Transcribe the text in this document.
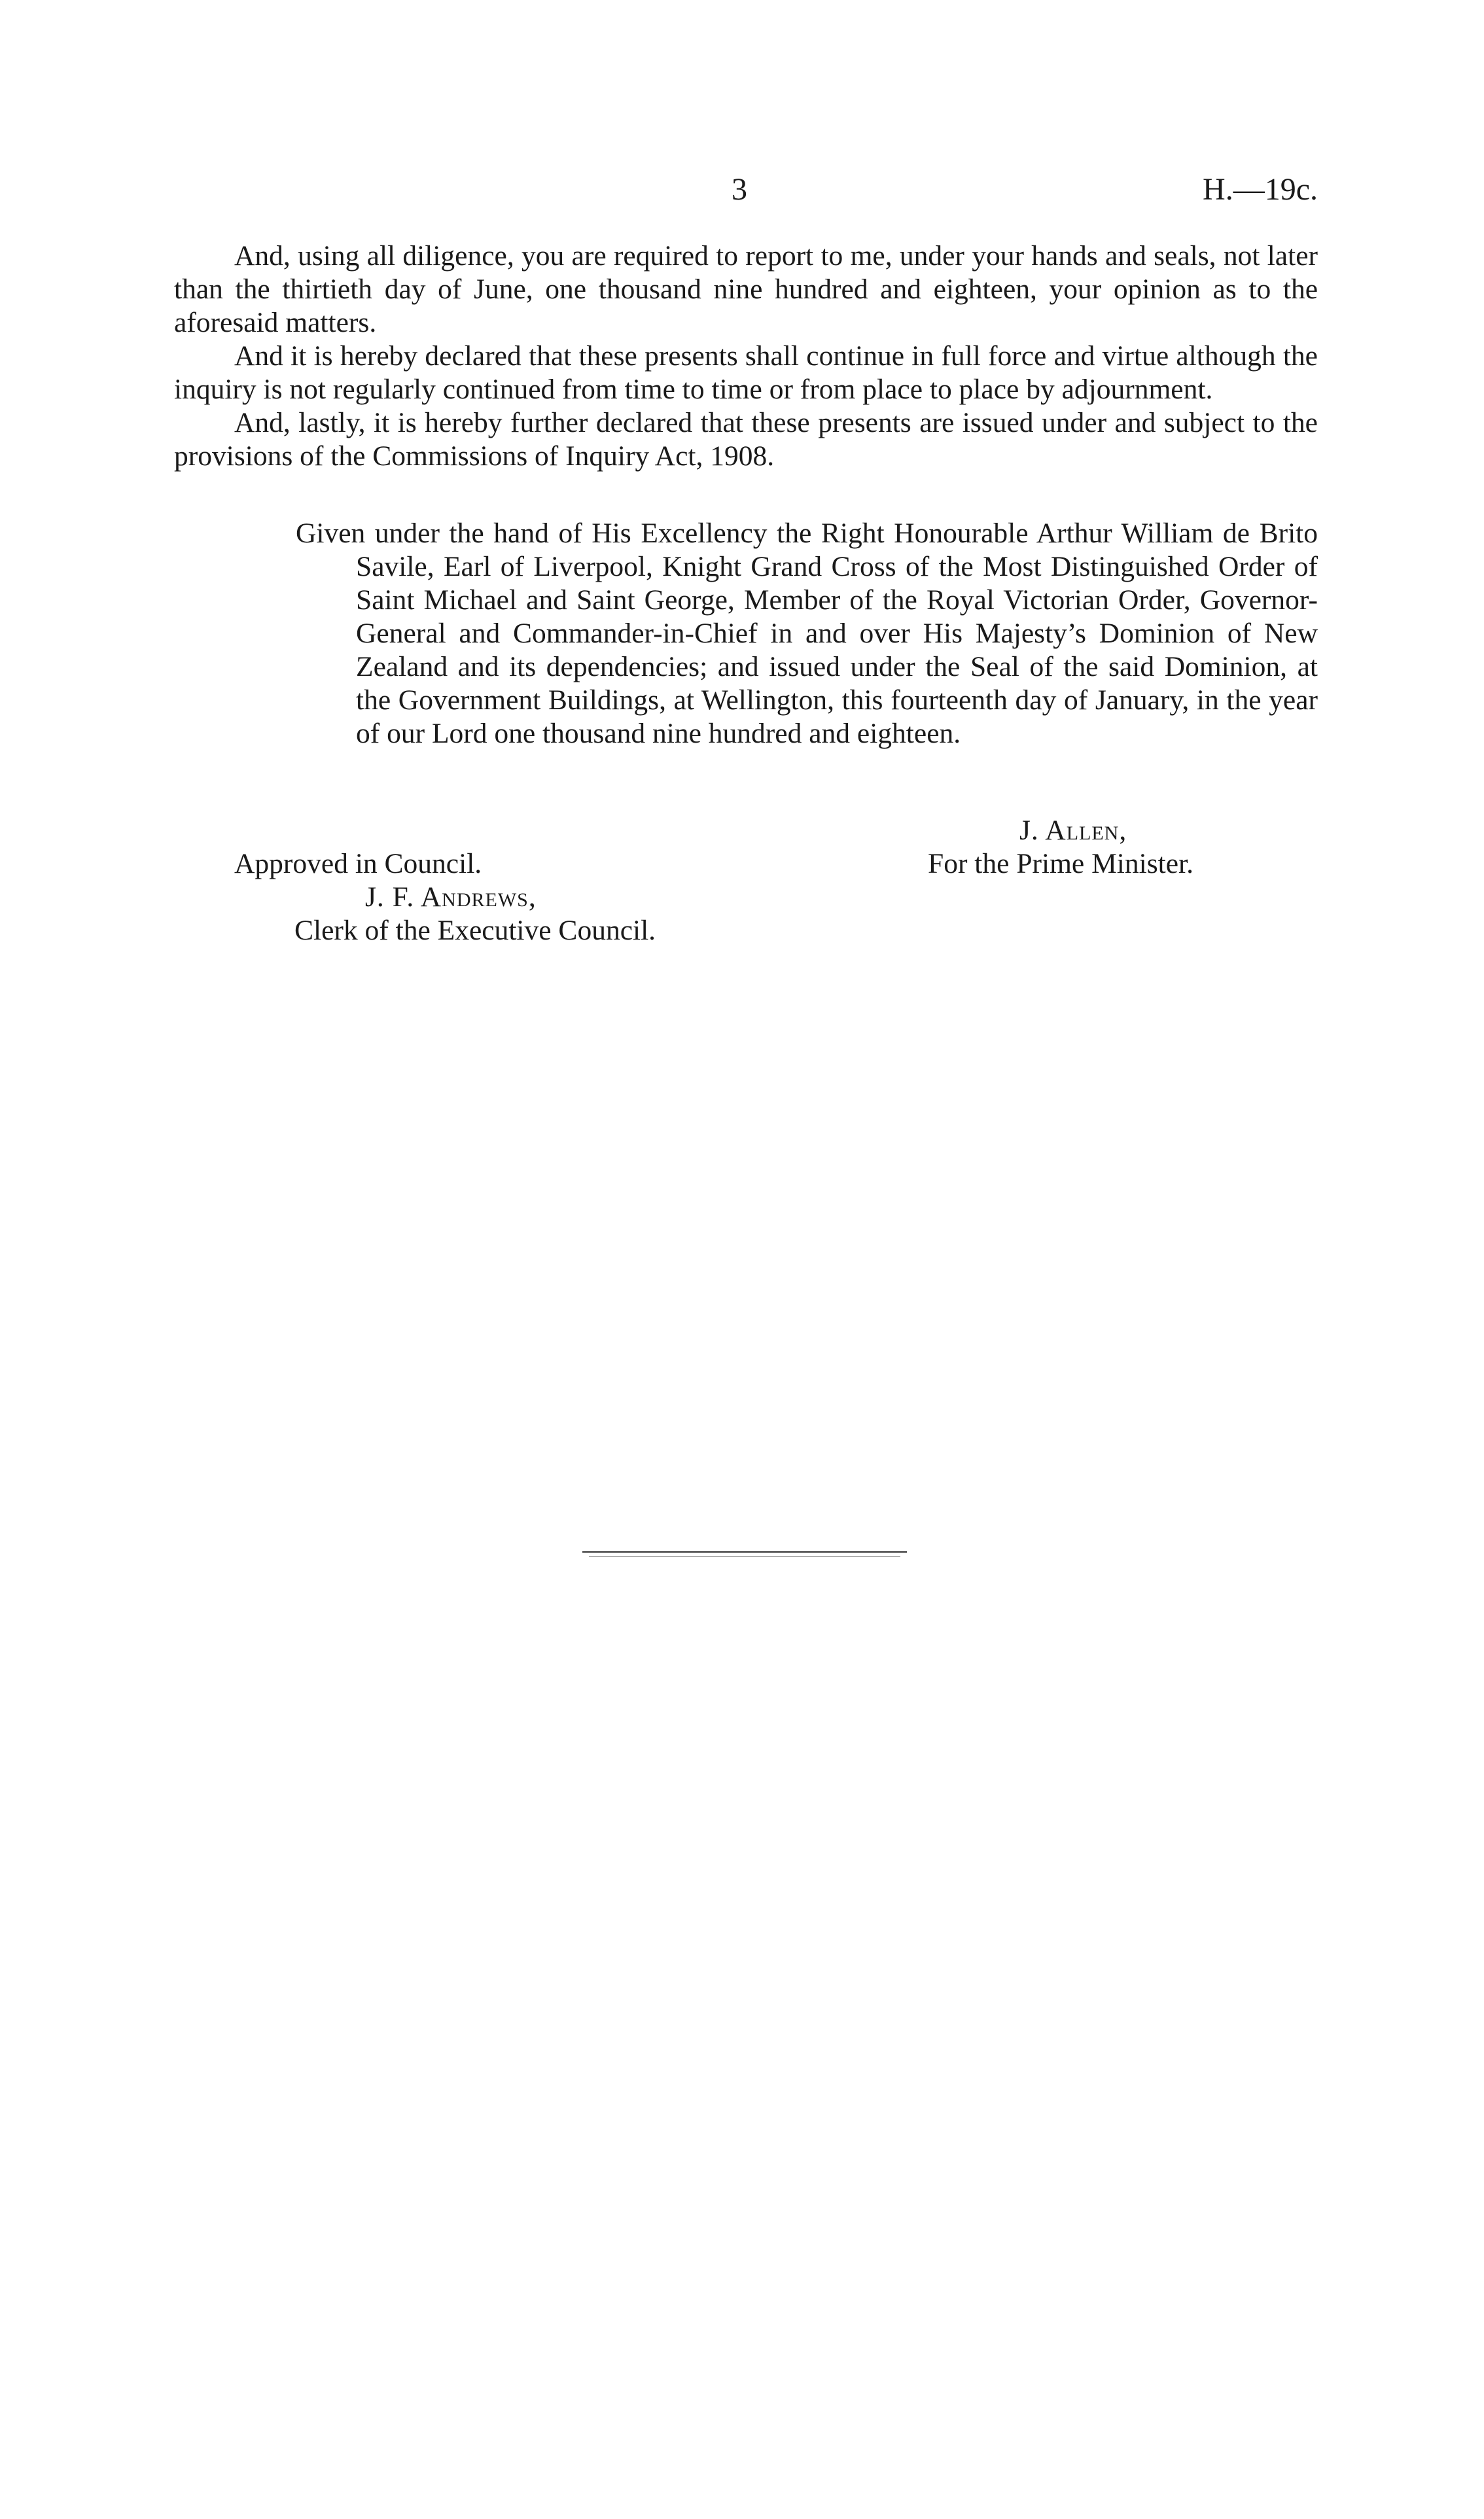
3	H.—19c.

And, using all diligence, you are required to report to me, under your hands and seals, not later than the thirtieth day of June, one thousand nine hundred and eighteen, your opinion as to the aforesaid matters.

And it is hereby declared that these presents shall continue in full force and virtue although the inquiry is not regularly continued from time to time or from place to place by adjournment.

And, lastly, it is hereby further declared that these presents are issued under and subject to the provisions of the Commissions of Inquiry Act, 1908.

Given under the hand of His Excellency the Right Honourable Arthur William de Brito Savile, Earl of Liverpool, Knight Grand Cross of the Most Distinguished Order of Saint Michael and Saint George, Member of the Royal Victorian Order, Governor-General and Commander-in-Chief in and over His Majesty’s Dominion of New Zealand and its dependencies; and issued under the Seal of the said Dominion, at the Government Buildings, at Wellington, this fourteenth day of January, in the year of our Lord one thousand nine hundred and eighteen.
J. Allen,
For the Prime Minister.
Approved in Council.
J. F. Andrews,
Clerk of the Executive Council.
